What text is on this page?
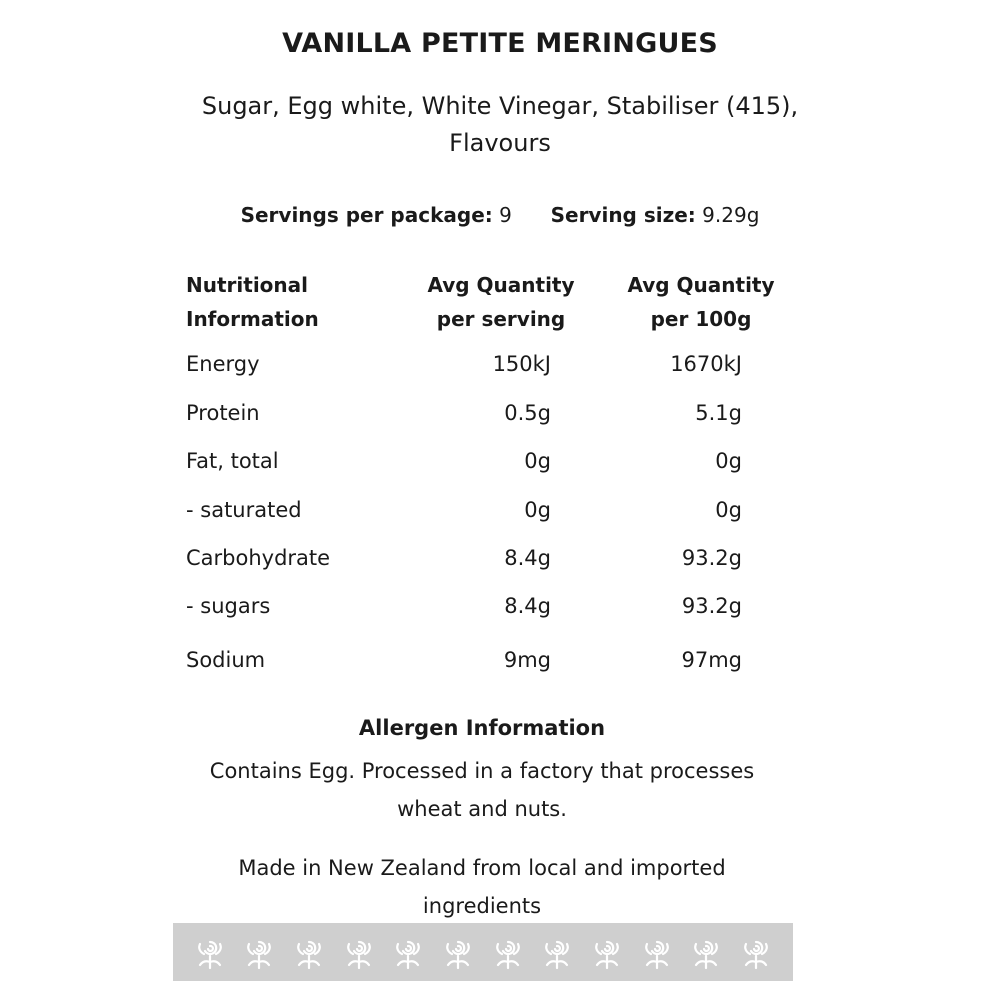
VANILLA PETITE MERINGUES
Sugar, Egg white, White Vinegar, Stabiliser (415), Flavours
Servings per package: 9 Serving size: 9.29g
Nutritional Information
Avg Quantity per serving
Avg Quantity per 100g
Energy	150kJ	1670kJ
Protein	0.5g	5.1g
Fat, total	0g	0g
- saturated	0g	0g
Carbohydrate	8.4g	93.2g
- sugars	8.4g	93.2g
Sodium	9mg	97mg
Allergen Information
Contains Egg. Processed in a factory that processes wheat and nuts.
Made in New Zealand from local and imported ingredients
